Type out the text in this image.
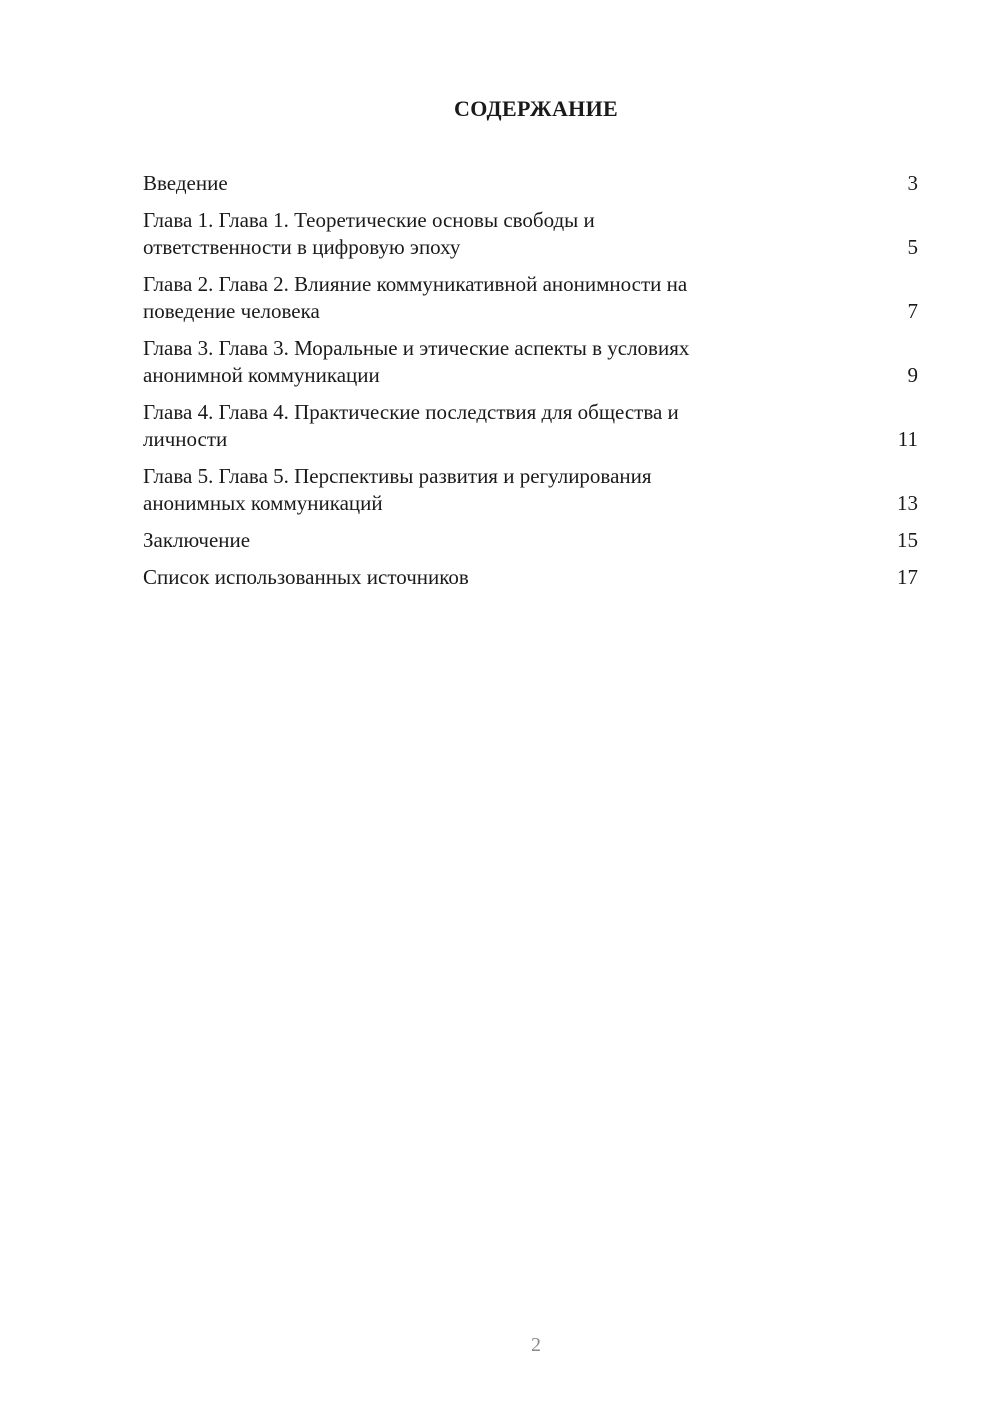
СОДЕРЖАНИЕ
Введение	3
Глава 1. Глава 1. Теоретические основы свободы и
ответственности в цифровую эпоху	5
Глава 2. Глава 2. Влияние коммуникативной анонимности на
поведение человека	7
Глава 3. Глава 3. Моральные и этические аспекты в условиях
анонимной коммуникации	9
Глава 4. Глава 4. Практические последствия для общества и
личности	11
Глава 5. Глава 5. Перспективы развития и регулирования
анонимных коммуникаций	13
Заключение	15
Список использованных источников	17
2
